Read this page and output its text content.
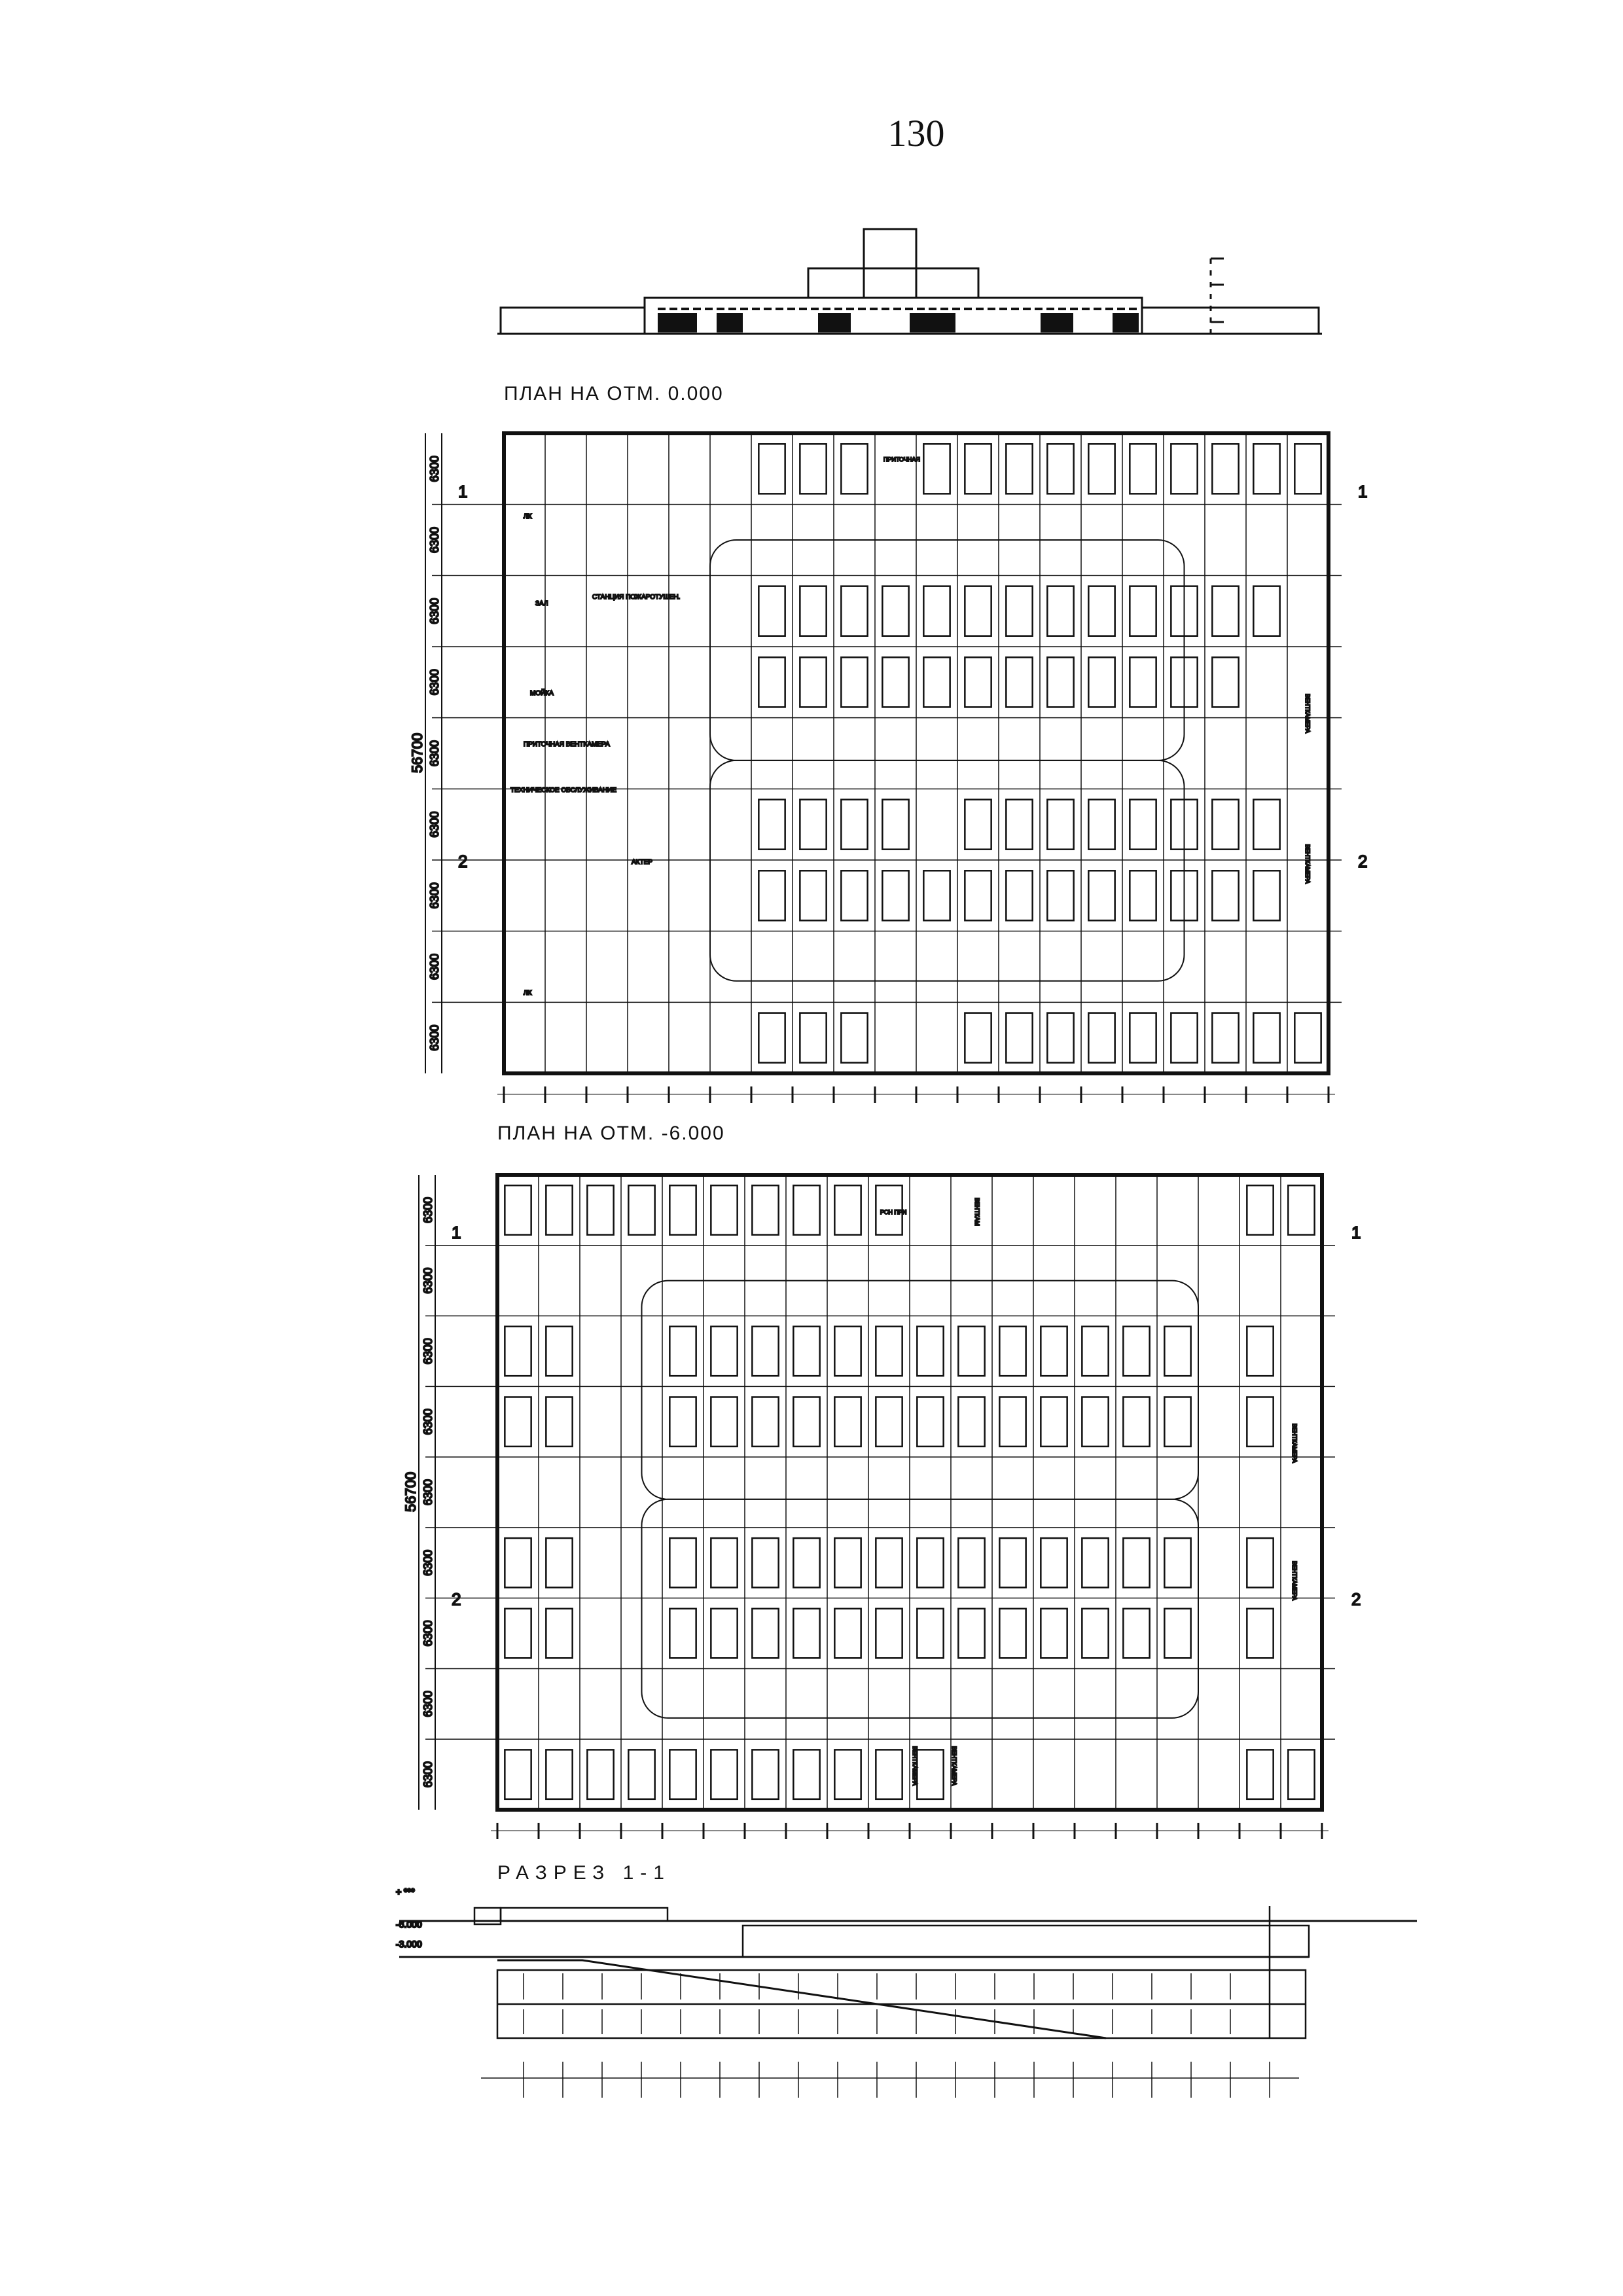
130
6300
6300
6300
6300
6300
6300
6300
6300
6300
56700
1	1
2	2
ПРИТОЧНАЯ
ЗАЛ
СТАНЦИЯ ПОЖАРОТУШЕН.
МОЙКА
ПРИТОЧНАЯ ВЕНТКАМЕРА
ТЕХНИЧЕСКОЕ ОБСЛУЖИВАНИЕ
АКТЕР
ВЕНТКАМЕРА
ВЕНТКАМЕРА
ЛК
ЛК
6300
6300
6300
6300
6300
6300
6300
6300
6300
56700
1	1
2	2
РСН ПРИ	ВЕНТКАМ
ВЕНТКАМЕРА
ВЕНТКАМЕРА
ВЕНТКАМЕРА	ВЕНТКАМЕРА
+ ***
-6.000
-3.000
ПЛАН НА ОТМ. 0.000
ПЛАН НА ОТМ. -6.000
РАЗРЕЗ 1-1
